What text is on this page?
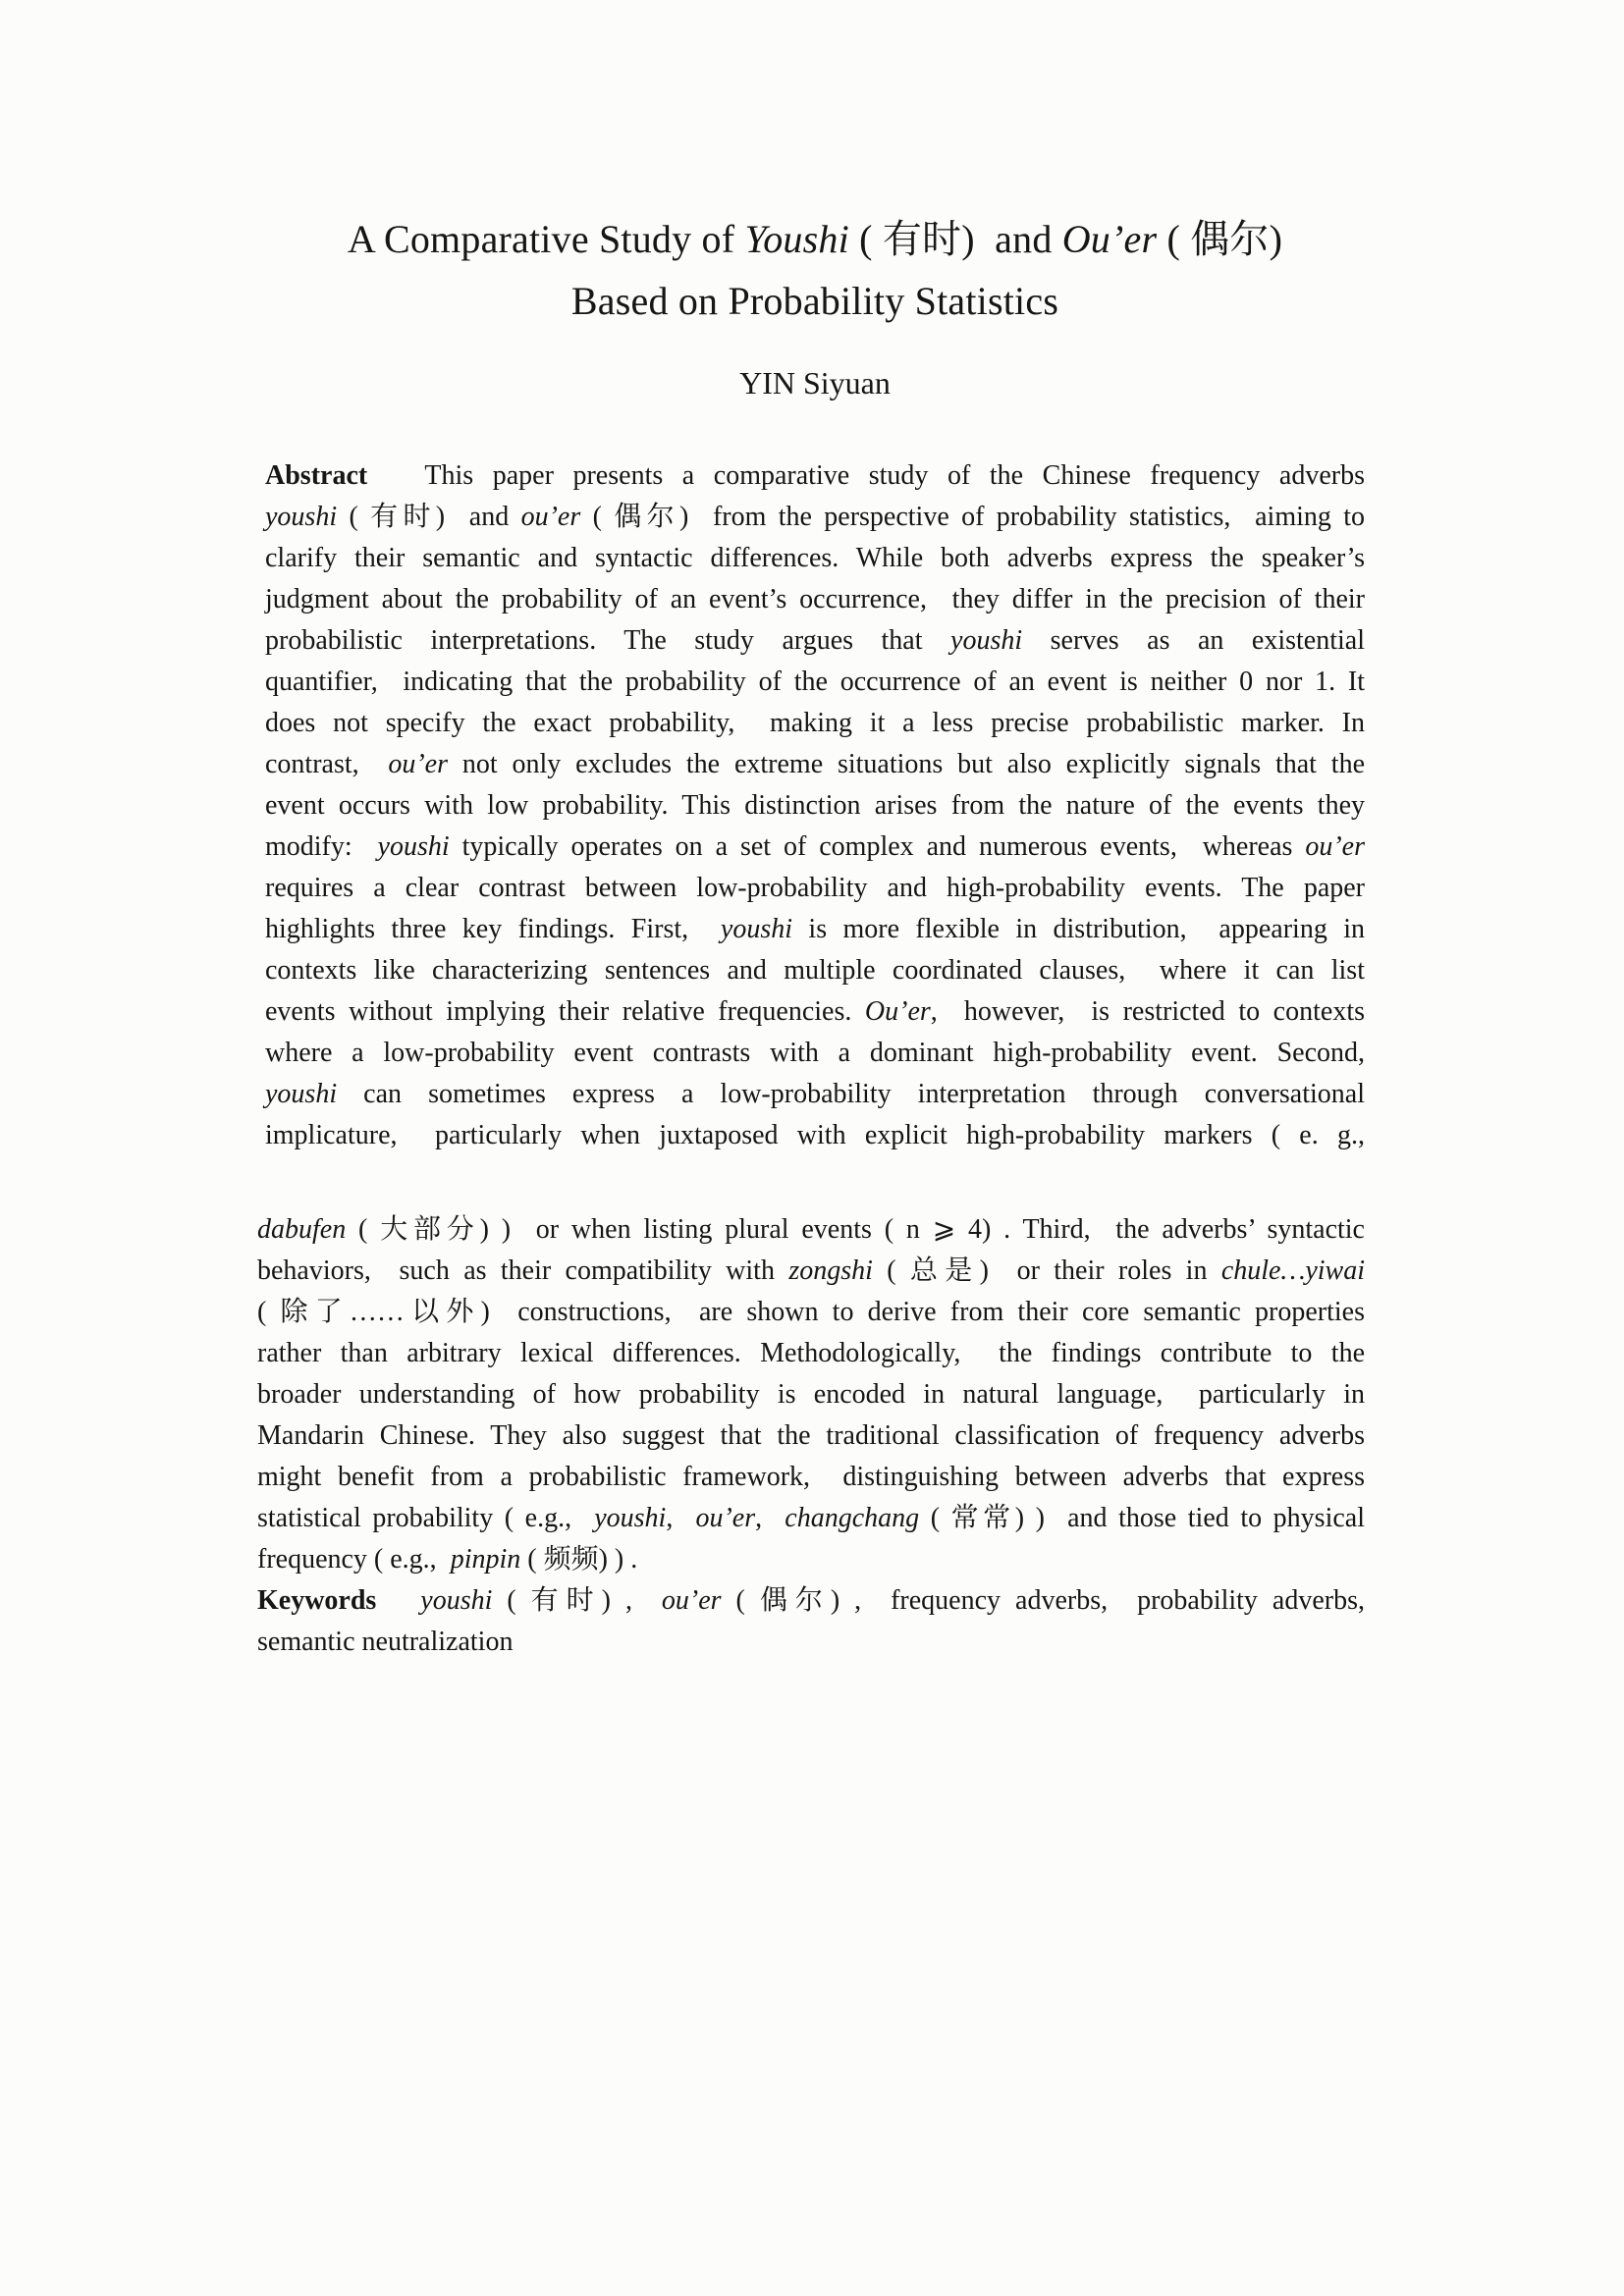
A Comparative Study of Youshi ( 有时)  and Ou’er ( 偶尔)
Based on Probability Statistics
YIN Siyuan
Abstract   This paper presents a comparative study of the Chinese frequency adverbs
youshi ( 有时)  and ou’er ( 偶尔)  from the perspective of probability statistics,  aiming to
clarify their semantic and syntactic differences. While both adverbs express the speaker’s
judgment about the probability of an event’s occurrence,  they differ in the precision of their
probabilistic interpretations. The study argues that youshi serves as an existential
quantifier,  indicating that the probability of the occurrence of an event is neither 0 nor 1. It
does not specify the exact probability,  making it a less precise probabilistic marker. In
contrast,  ou’er not only excludes the extreme situations but also explicitly signals that the
event occurs with low probability. This distinction arises from the nature of the events they
modify:  youshi typically operates on a set of complex and numerous events,  whereas ou’er
requires a clear contrast between low-probability and high-probability events. The paper
highlights three key findings. First,  youshi is more flexible in distribution,  appearing in
contexts like characterizing sentences and multiple coordinated clauses,  where it can list
events without implying their relative frequencies. Ou’er,  however,  is restricted to contexts
where a low-probability event contrasts with a dominant high-probability event. Second,
youshi can sometimes express a low-probability interpretation through conversational
implicature,  particularly when juxtaposed with explicit high-probability markers ( e. g.,
dabufen ( 大部分) )  or when listing plural events ( n ⩾ 4) . Third,  the adverbs’ syntactic
behaviors,  such as their compatibility with zongshi ( 总是)  or their roles in chule…yiwai
( 除了……以外)  constructions,  are shown to derive from their core semantic properties
rather than arbitrary lexical differences. Methodologically,  the findings contribute to the
broader understanding of how probability is encoded in natural language,  particularly in
Mandarin Chinese. They also suggest that the traditional classification of frequency adverbs
might benefit from a probabilistic framework,  distinguishing between adverbs that express
statistical probability ( e.g.,  youshi,  ou’er,  changchang ( 常常) )  and those tied to physical
frequency ( e.g.,  pinpin ( 频频) ) .
Keywords youshi ( 有时) ,  ou’er ( 偶尔) ,  frequency adverbs,  probability adverbs,
semantic neutralization
